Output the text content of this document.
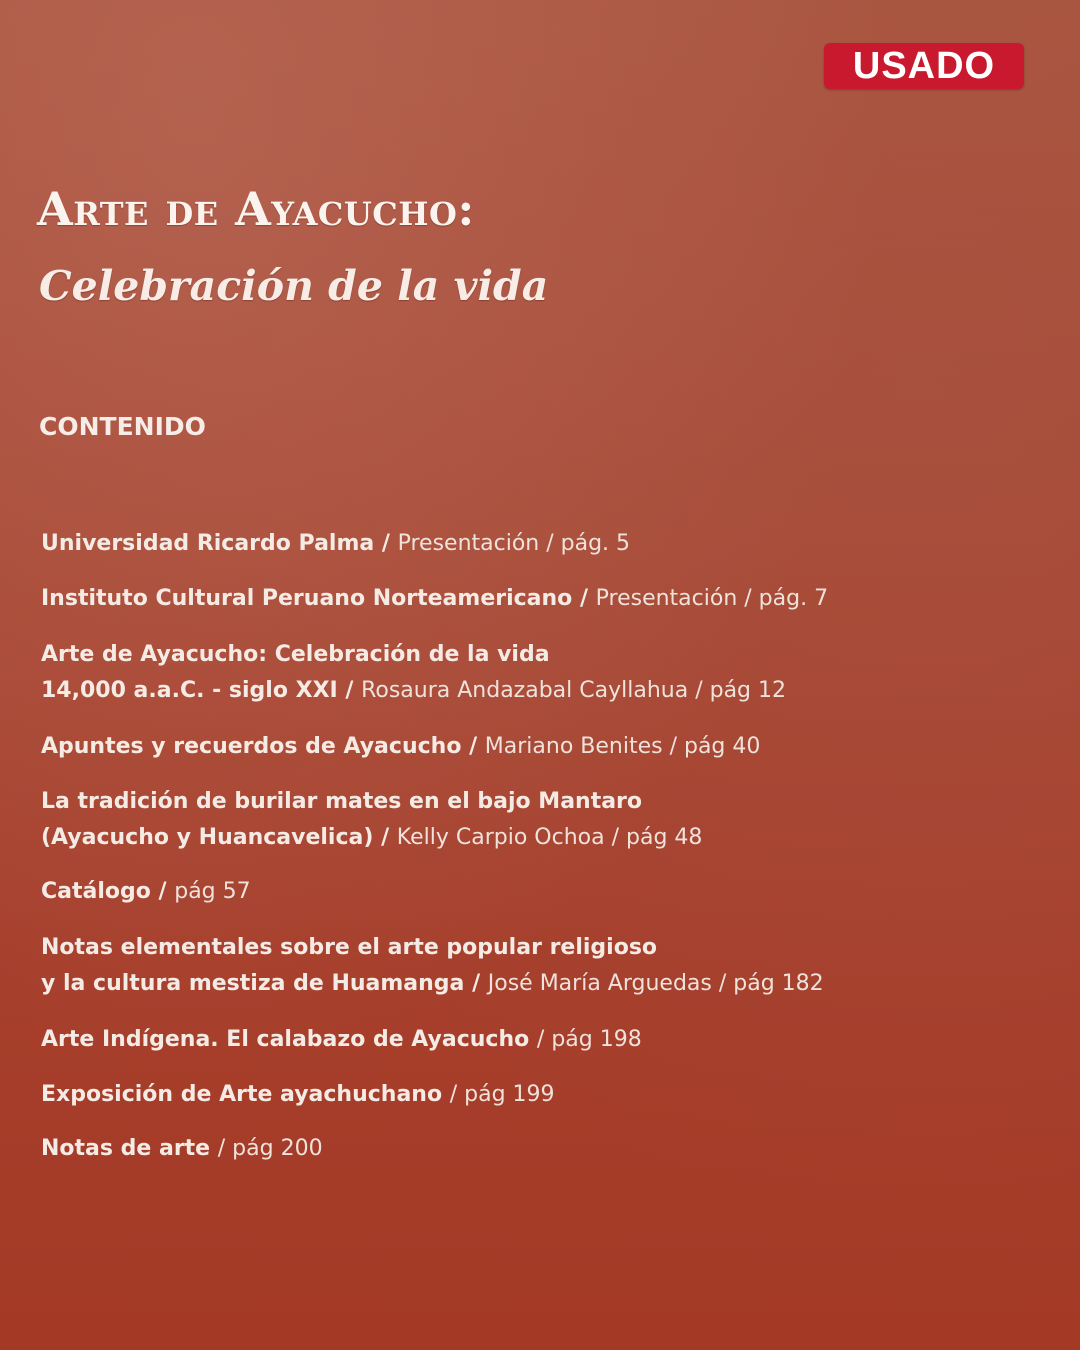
USADO
Arte de Ayacucho:
Celebración de la vida
CONTENIDO
Universidad Ricardo Palma / Presentación / pág. 5
Instituto Cultural Peruano Norteamericano / Presentación / pág. 7
Arte de Ayacucho: Celebración de la vida
14,000 a.a.C. - siglo XXI / Rosaura Andazabal Cayllahua / pág 12
Apuntes y recuerdos de Ayacucho / Mariano Benites / pág 40
La tradición de burilar mates en el bajo Mantaro
(Ayacucho y Huancavelica) / Kelly Carpio Ochoa / pág 48
Catálogo / pág 57
Notas elementales sobre el arte popular religioso
y la cultura mestiza de Huamanga / José María Arguedas / pág 182
Arte Indígena. El calabazo de Ayacucho / pág 198
Exposición de Arte ayachuchano / pág 199
Notas de arte / pág 200
